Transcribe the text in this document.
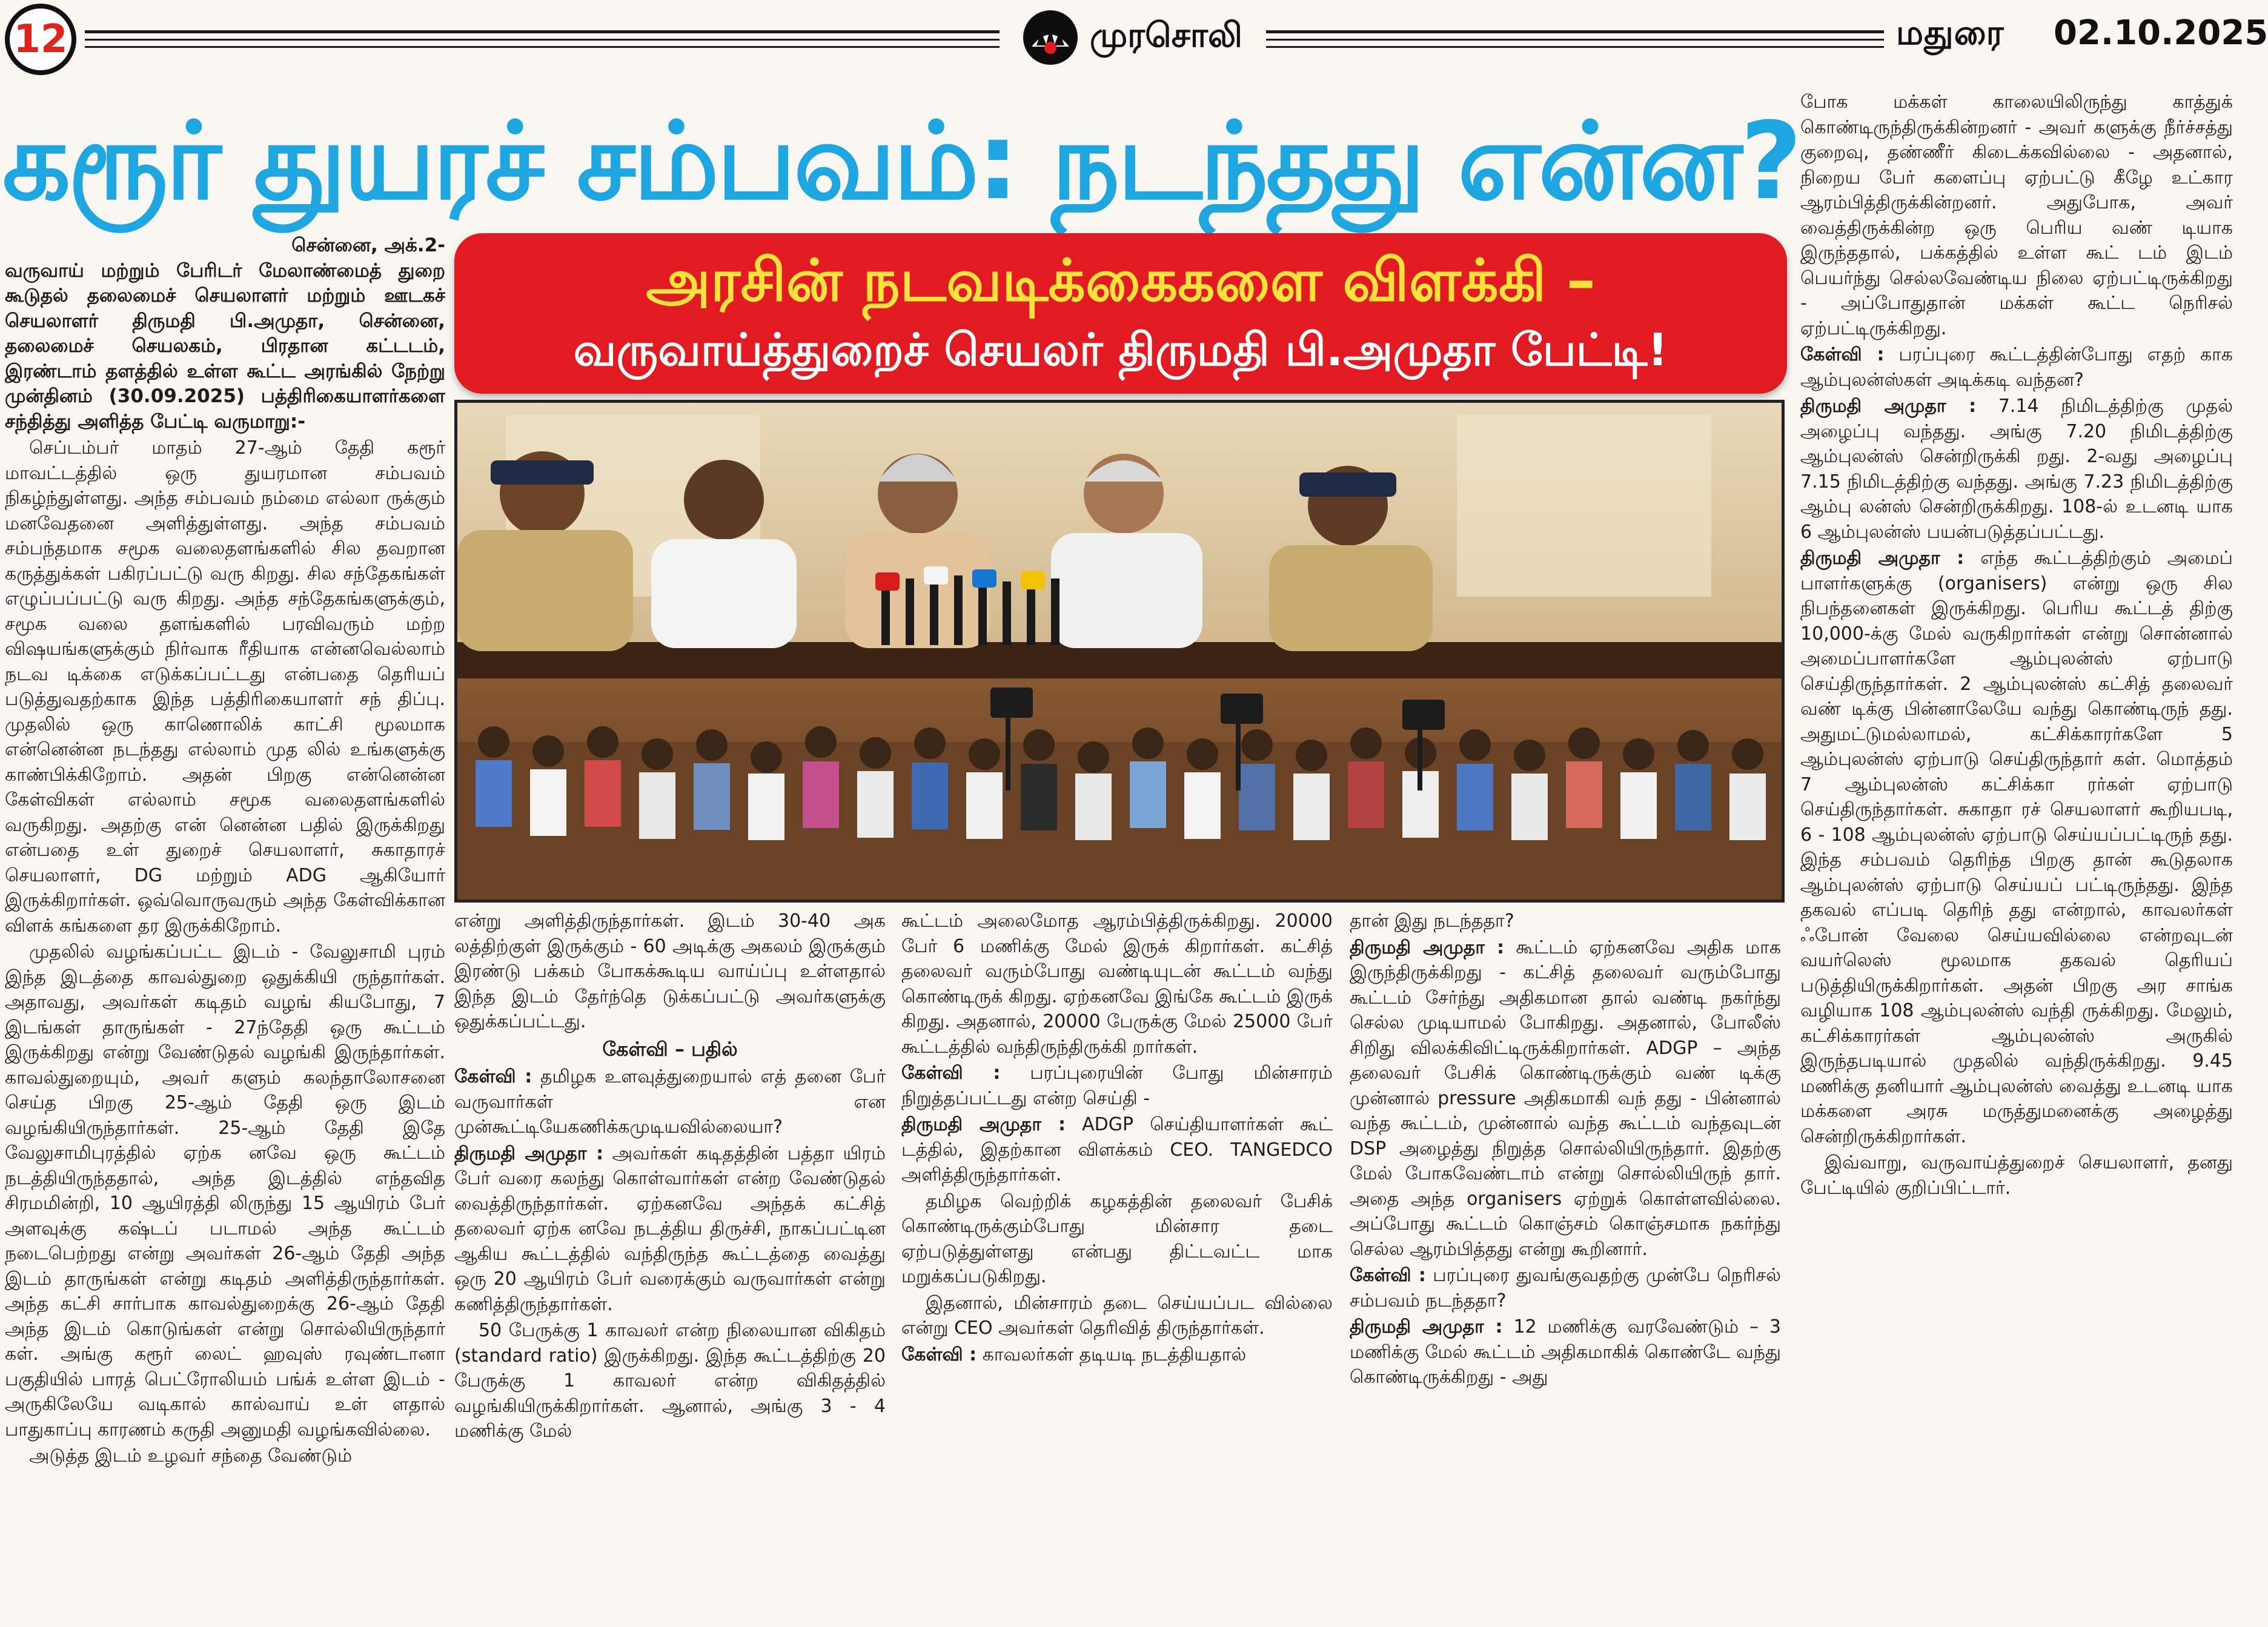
12	முரசொலி	மதுரை 02.10.2025
கரூர் துயரச் சம்பவம்: நடந்தது என்ன?
அரசின் நடவடிக்கைகளை விளக்கி –
வருவாய்த்துறைச் செயலர் திருமதி பி.அமுதா பேட்டி!
சென்னை, அக்.2-

வருவாய் மற்றும் பேரிடர் மேலாண்மைத் துறை கூடுதல் தலைமைச் செயலாளர் மற்றும் ஊடகச் செயலாளர் திருமதி பி.அமுதா, சென்னை, தலைமைச் செயலகம், பிரதான கட்டடம், இரண்டாம் தளத்தில் உள்ள கூட்ட அரங்கில் நேற்று முன்தினம் (30.09.2025) பத்திரிகையாளர்களை சந்தித்து அளித்த பேட்டி வருமாறு:-

செப்டம்பர் மாதம் 27-ஆம் தேதி கரூர் மாவட்டத்தில் ஒரு துயரமான சம்பவம் நிகழ்ந்துள்ளது. அந்த சம்பவம் நம்மை எல்லா ருக்கும் மனவேதனை அளித்துள்ளது. அந்த சம்பவம் சம்பந்தமாக சமூக வலைதளங்களில் சில தவறான கருத்துக்கள் பகிரப்பட்டு வரு கிறது. சில சந்தேகங்கள் எழுப்பப்பட்டு வரு கிறது. அந்த சந்தேகங்களுக்கும், சமூக வலை தளங்களில் பரவிவரும் மற்ற விஷயங்களுக்கும் நிர்வாக ரீதியாக என்னவெல்லாம் நடவ டிக்கை எடுக்கப்பட்டது என்பதை தெரியப் படுத்துவதற்காக இந்த பத்திரிகையாளர் சந் திப்பு. முதலில் ஒரு காணொலிக் காட்சி மூலமாக என்னென்ன நடந்தது எல்லாம் முத லில் உங்களுக்கு காண்பிக்கிறோம். அதன் பிறகு என்னென்ன கேள்விகள் எல்லாம் சமூக வலைதளங்களில் வருகிறது. அதற்கு என் னென்ன பதில் இருக்கிறது என்பதை உள் துறைச் செயலாளர், சுகாதாரச் செயலாளர், DG மற்றும் ADG ஆகியோர் இருக்கிறார்கள். ஒவ்வொருவரும் அந்த கேள்விக்கான விளக் கங்களை தர இருக்கிறோம்.

முதலில் வழங்கப்பட்ட இடம் - வேலுசாமி புரம் இந்த இடத்தை காவல்துறை ஒதுக்கியி ருந்தார்கள். அதாவது, அவர்கள் கடிதம் வழங் கியபோது, 7 இடங்கள் தாருங்கள் - 27ந்தேதி ஒரு கூட்டம் இருக்கிறது என்று வேண்டுதல் வழங்கி இருந்தார்கள். காவல்துறையும், அவர் களும் கலந்தாலோசனை செய்த பிறகு 25-ஆம் தேதி ஒரு இடம் வழங்கியிருந்தார்கள். 25-ஆம் தேதி இதே வேலுசாமிபுரத்தில் ஏற்க னவே ஒரு கூட்டம் நடத்தியிருந்ததால், அந்த இடத்தில் எந்தவித சிரமமின்றி, 10 ஆயிரத்தி லிருந்து 15 ஆயிரம் பேர் அளவுக்கு கஷ்டப் படாமல் அந்த கூட்டம் நடைபெற்றது என்று அவர்கள் 26-ஆம் தேதி அந்த இடம் தாருங்கள் என்று கடிதம் அளித்திருந்தார்கள். அந்த கட்சி சார்பாக காவல்துறைக்கு 26-ஆம் தேதி அந்த இடம் கொடுங்கள் என்று சொல்லியிருந்தார் கள். அங்கு கரூர் லைட் ஹவுஸ் ரவுண்டானா பகுதியில் பாரத் பெட்ரோலியம் பங்க் உள்ள இடம் - அருகிலேயே வடிகால் கால்வாய் உள் ளதால் பாதுகாப்பு காரணம் கருதி அனுமதி வழங்கவில்லை.

அடுத்த இடம் உழவர் சந்தை வேண்டும்

என்று அளித்திருந்தார்கள். இடம் 30-40 அக லத்திற்குள் இருக்கும் - 60 அடிக்கு அகலம் இருக்கும் இரண்டு பக்கம் போகக்கூடிய வாய்ப்பு உள்ளதால் இந்த இடம் தேர்ந்தெ டுக்கப்பட்டு அவர்களுக்கு ஒதுக்கப்பட்டது.

கேள்வி – பதில்

கேள்வி : தமிழக உளவுத்துறையால் எத் தனை பேர் வருவார்கள் என முன்கூட்டியேகணிக்கமுடியவில்லையா?

திருமதி அமுதா : அவர்கள் கடிதத்தின் பத்தா யிரம் பேர் வரை கலந்து கொள்வார்கள் என்ற வேண்டுதல் வைத்திருந்தார்கள். ஏற்கனவே அந்தக் கட்சித் தலைவர் ஏற்க னவே நடத்திய திருச்சி, நாகப்பட்டின ஆகிய கூட்டத்தில் வந்திருந்த கூட்டத்தை வைத்து ஒரு 20 ஆயிரம் பேர் வரைக்கும் வருவார்கள் என்று கணித்திருந்தார்கள்.

50 பேருக்கு 1 காவலர் என்ற நிலையான விகிதம் (standard ratio) இருக்கிறது. இந்த கூட்டத்திற்கு 20 பேருக்கு 1 காவலர் என்ற விகிதத்தில் வழங்கியிருக்கிறார்கள். ஆனால், அங்கு 3 - 4 மணிக்கு மேல்

கூட்டம் அலைமோத ஆரம்பித்திருக்கிறது. 20000 பேர் 6 மணிக்கு மேல் இருக் கிறார்கள். கட்சித் தலைவர் வரும்போது வண்டியுடன் கூட்டம் வந்து கொண்டிருக் கிறது. ஏற்கனவே இங்கே கூட்டம் இருக் கிறது. அதனால், 20000 பேருக்கு மேல் 25000 பேர் கூட்டத்தில் வந்திருந்திருக்கி றார்கள்.

கேள்வி : பரப்புரையின் போது மின்சாரம் நிறுத்தப்பட்டது என்ற செய்தி -

திருமதி அமுதா : ADGP செய்தியாளர்கள் கூட் டத்தில், இதற்கான விளக்கம் CEO. TANGEDCO அளித்திருந்தார்கள்.

தமிழக வெற்றிக் கழகத்தின் தலைவர் பேசிக் கொண்டிருக்கும்போது மின்சார தடை ஏற்படுத்துள்ளது என்பது திட்டவட்ட மாக மறுக்கப்படுகிறது.

இதனால், மின்சாரம் தடை செய்யப்பட வில்லை என்று CEO அவர்கள் தெரிவித் திருந்தார்கள்.

கேள்வி : காவலர்கள் தடியடி நடத்தியதால்

தான் இது நடந்ததா?

திருமதி அமுதா : கூட்டம் ஏற்கனவே அதிக மாக இருந்திருக்கிறது - கட்சித் தலைவர் வரும்போது கூட்டம் சேர்ந்து அதிகமான தால் வண்டி நகர்ந்து செல்ல முடியாமல் போகிறது. அதனால், போலீஸ் சிறிது விலக்கிவிட்டிருக்கிறார்கள். ADGP – அந்த தலைவர் பேசிக் கொண்டிருக்கும் வண் டிக்கு முன்னால் pressure அதிகமாகி வந் தது - பின்னால் வந்த கூட்டம், முன்னால் வந்த கூட்டம் வந்தவுடன் DSP அழைத்து நிறுத்த சொல்லியிருந்தார். இதற்கு மேல் போகவேண்டாம் என்று சொல்லியிருந் தார். அதை அந்த organisers ஏற்றுக் கொள்ளவில்லை. அப்போது கூட்டம் கொஞ்சம் கொஞ்சமாக நகர்ந்து செல்ல ஆரம்பித்தது என்று கூறினார்.

கேள்வி : பரப்புரை துவங்குவதற்கு முன்பே நெரிசல் சம்பவம் நடந்ததா?

திருமதி அமுதா : 12 மணிக்கு வரவேண்டும் – 3 மணிக்கு மேல் கூட்டம் அதிகமாகிக் கொண்டே வந்து கொண்டிருக்கிறது - அது

போக மக்கள் காலையிலிருந்து காத்துக் கொண்டிருந்திருக்கின்றனர் - அவர் களுக்கு நீர்ச்சத்து குறைவு, தண்ணீர் கிடைக்கவில்லை - அதனால், நிறைய பேர் களைப்பு ஏற்பட்டு கீழே உட்கார ஆரம்பித்திருக்கின்றனர். அதுபோக, அவர் வைத்திருக்கின்ற ஒரு பெரிய வண் டியாக இருந்ததால், பக்கத்தில் உள்ள கூட் டம் இடம் பெயர்ந்து செல்லவேண்டிய நிலை ஏற்பட்டிருக்கிறது - அப்போதுதான் மக்கள் கூட்ட நெரிசல் ஏற்பட்டிருக்கிறது.

கேள்வி : பரப்புரை கூட்டத்தின்போது எதற் காக ஆம்புலன்ஸ்கள் அடிக்கடி வந்தன?

திருமதி அமுதா : 7.14 நிமிடத்திற்கு முதல் அழைப்பு வந்தது. அங்கு 7.20 நிமிடத்திற்கு ஆம்புலன்ஸ் சென்றிருக்கி றது. 2-வது அழைப்பு 7.15 நிமிடத்திற்கு வந்தது. அங்கு 7.23 நிமிடத்திற்கு ஆம்பு லன்ஸ் சென்றிருக்கிறது. 108-ல் உடனடி யாக 6 ஆம்புலன்ஸ் பயன்படுத்தப்பட்டது.

திருமதி அமுதா : எந்த கூட்டத்திற்கும் அமைப் பாளர்களுக்கு (organisers) என்று ஒரு சில நிபந்தனைகள் இருக்கிறது. பெரிய கூட்டத் திற்கு 10,000-க்கு மேல் வருகிறார்கள் என்று சொன்னால் அமைப்பாளர்களே ஆம்புலன்ஸ் ஏற்பாடு செய்திருந்தார்கள். 2 ஆம்புலன்ஸ் கட்சித் தலைவர் வண் டிக்கு பின்னாலேயே வந்து கொண்டிருந் தது. அதுமட்டுமல்லாமல், கட்சிக்காரர்களே 5 ஆம்புலன்ஸ் ஏற்பாடு செய்திருந்தார் கள். மொத்தம் 7 ஆம்புலன்ஸ் கட்சிக்கா ரர்கள் ஏற்பாடு செய்திருந்தார்கள். சுகாதா ரச் செயலாளர் கூறியபடி, 6 - 108 ஆம்புலன்ஸ் ஏற்பாடு செய்யப்பட்டிருந் தது. இந்த சம்பவம் தெரிந்த பிறகு தான் கூடுதலாக ஆம்புலன்ஸ் ஏற்பாடு செய்யப் பட்டிருந்தது. இந்த தகவல் எப்படி தெரிந் தது என்றால், காவலர்கள் ஃபோன் வேலை செய்யவில்லை என்றவுடன் வயர்லெஸ் மூலமாக தகவல் தெரியப் படுத்தியிருக்கிறார்கள். அதன் பிறகு அர சாங்க வழியாக 108 ஆம்புலன்ஸ் வந்தி ருக்கிறது. மேலும், கட்சிக்காரர்கள் ஆம்புலன்ஸ் அருகில் இருந்தபடியால் முதலில் வந்திருக்கிறது. 9.45 மணிக்கு தனியார் ஆம்புலன்ஸ் வைத்து உடனடி யாக மக்களை அரசு மருத்துமனைக்கு அழைத்து சென்றிருக்கிறார்கள்.

இவ்வாறு, வருவாய்த்துறைச் செயலாளர், தனது பேட்டியில் குறிப்பிட்டார்.
